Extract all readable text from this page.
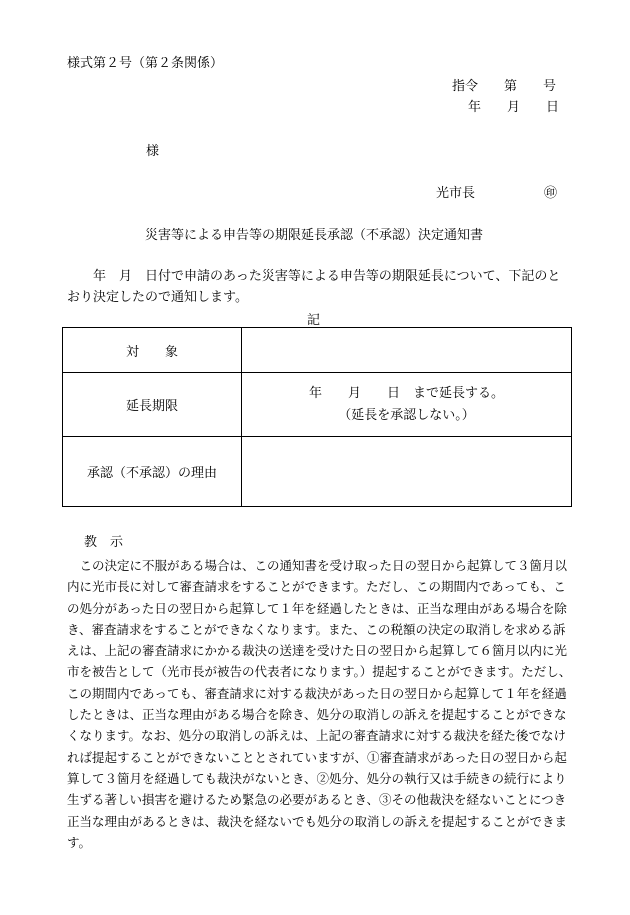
様式第２号（第２条関係）
指令　　第　　号
年　　月　　日
様
光市長	㊞
災害等による申告等の期限延長承認（不承認）決定通知書
　　年　月　日付で申請のあった災害等による申告等の期限延長について、下記のとおり決定したので通知します。
記
対　　象	
延長期限	年　　月　　日　まで延長する。
（延長を承認しない。）

承認（不承認）の理由	
教　示
　この決定に不服がある場合は、この通知書を受け取った日の翌日から起算して３箇月以内に光市長に対して審査請求をすることができます。ただし、この期間内であっても、この処分があった日の翌日から起算して１年を経過したときは、正当な理由がある場合を除き、審査請求をすることができなくなります。また、この税額の決定の取消しを求める訴えは、上記の審査請求にかかる裁決の送達を受けた日の翌日から起算して６箇月以内に光市を被告として（光市長が被告の代表者になります。）提起することができます。ただし、この期間内であっても、審査請求に対する裁決があった日の翌日から起算して１年を経過したときは、正当な理由がある場合を除き、処分の取消しの訴えを提起することができなくなります。なお、処分の取消しの訴えは、上記の審査請求に対する裁決を経た後でなければ提起することができないこととされていますが、①審査請求があった日の翌日から起算して３箇月を経過しても裁決がないとき、②処分、処分の執行又は手続きの続行により生ずる著しい損害を避けるため緊急の必要があるとき、③その他裁決を経ないことにつき正当な理由があるときは、裁決を経ないでも処分の取消しの訴えを提起することができます。
